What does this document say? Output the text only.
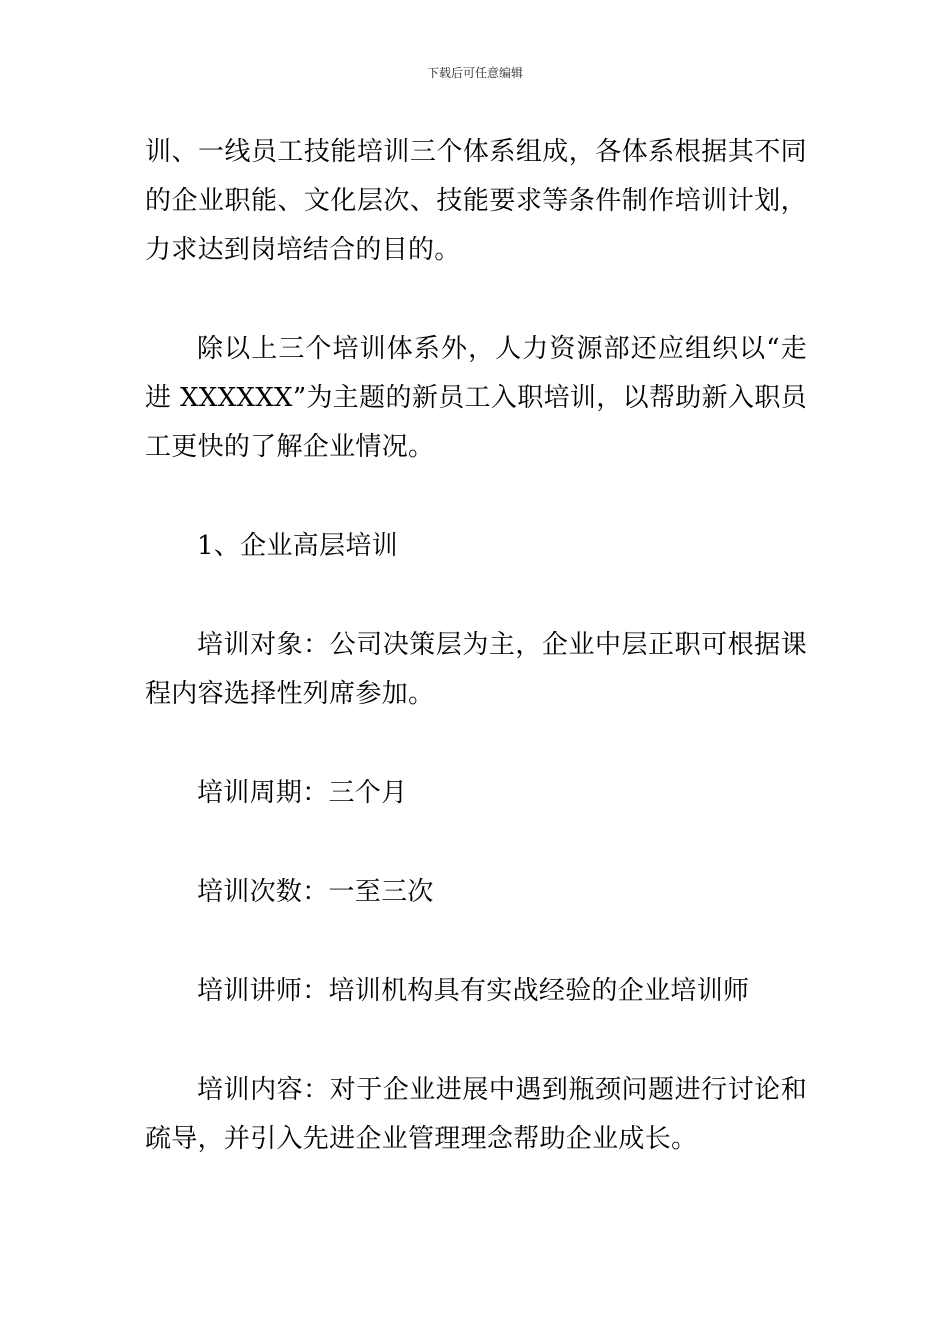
下载后可任意编辑

训、一线员工技能培训三个体系组成，各体系根据其不同的企业职能、文化层次、技能要求等条件制作培训计划，力求达到岗培结合的目的。

除以上三个培训体系外，人力资源部还应组织以“走进 XXXXXX”为主题的新员工入职培训，以帮助新入职员工更快的了解企业情况。

1、企业高层培训

培训对象：公司决策层为主，企业中层正职可根据课程内容选择性列席参加。

培训周期：三个月

培训次数：一至三次

培训讲师：培训机构具有实战经验的企业培训师

培训内容：对于企业进展中遇到瓶颈问题进行讨论和疏导，并引入先进企业管理理念帮助企业成长。
